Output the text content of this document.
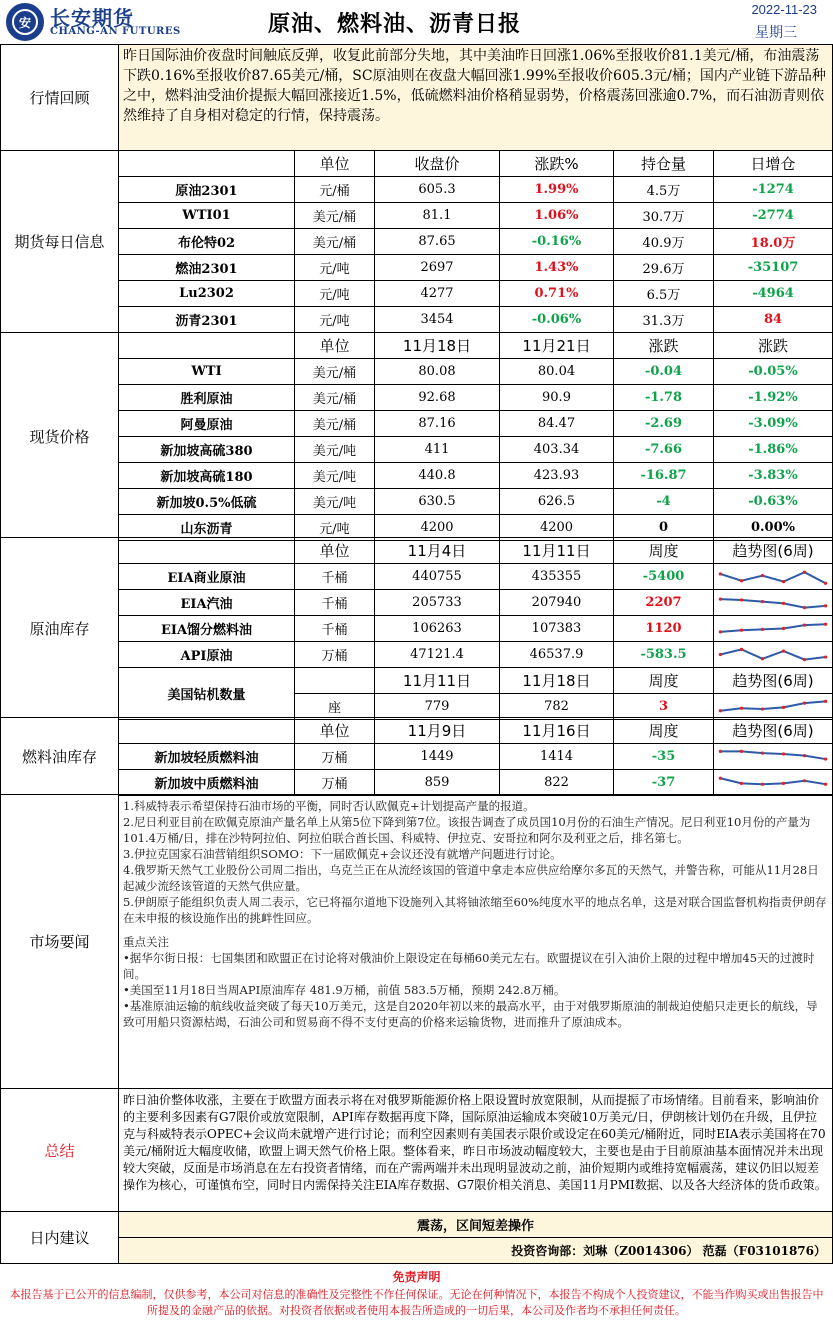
安 长安期货
CHANG-AN FUTURES	原油、燃料油、沥青日报
2022-11-23
星期三
行情回顾	昨日国际油价夜盘时间触底反弹，收复此前部分失地，其中美油昨日回涨1.06%至报收价81.1美元/桶，布油震荡下跌0.16%至报收价87.65美元/桶，SC原油则在夜盘大幅回涨1.99%至报收价605.3元/桶；国内产业链下游品种之中，燃料油受油价提振大幅回涨接近1.5%，低硫燃料油价格稍显弱势，价格震荡回涨逾0.7%，而石油沥青则依然维持了自身相对稳定的行情，保持震荡。
期货每日信息		单位	收盘价	涨跌%	持仓量	日增仓
	原油2301	元/桶	605.3	1.99%	4.5万	-1274
	WTI01	美元/桶	81.1	1.06%	30.7万	-2774
	布伦特02	美元/桶	87.65	-0.16%	40.9万	18.0万
	燃油2301	元/吨	2697	1.43%	29.6万	-35107
	Lu2302	元/吨	4277	0.71%	6.5万	-4964
	沥青2301	元/吨	3454	-0.06%	31.3万	84
现货价格		单位	11月18日	11月21日	涨跌	涨跌
	WTI	美元/桶	80.08	80.04	-0.04	-0.05%
	胜利原油	美元/桶	92.68	90.9	-1.78	-1.92%
	阿曼原油	美元/桶	87.16	84.47	-2.69	-3.09%
	新加坡高硫380	美元/吨	411	403.34	-7.66	-1.86%
	新加坡高硫180	美元/吨	440.8	423.93	-16.87	-3.83%
	新加坡0.5%低硫	美元/吨	630.5	626.5	-4	-0.63%
	山东沥青	元/吨	4200	4200	0	0.00%
原油库存		单位	11月4日	11月11日	周度	趋势图(6周)
	EIA商业原油	千桶	440755	435355	-5400	

	EIA汽油	千桶	205733	207940	2207	

	EIA馏分燃料油	千桶	106263	107383	1120	

	API原油	万桶	47121.4	46537.9	-583.5	

	美国钻机数量		11月11日	11月18日	周度	趋势图(6周)
		座	779	782	3	
燃料油库存		单位	11月9日	11月16日	周度	趋势图(6周)
	新加坡轻质燃料油	万桶	1449	1414	-35	

	新加坡中质燃料油	万桶	859	822	-37	
市场要闻	

1.科威特表示希望保持石油市场的平衡，同时否认欧佩克+计划提高产量的报道。

2.尼日利亚目前在欧佩克原油产量名单上从第5位下降到第7位。该报告调查了成员国10月份的石油生产情况。尼日利亚10月份的产量为101.4万桶/日，排在沙特阿拉伯、阿拉伯联合酋长国、科威特、伊拉克、安哥拉和阿尔及利亚之后，排名第七。

3.伊拉克国家石油营销组织SOMO：下一届欧佩克+会议还没有就增产问题进行讨论。

4.俄罗斯天然气工业股份公司周二指出，乌克兰正在从流经该国的管道中拿走本应供应给摩尔多瓦的天然气，并警告称，可能从11月28日起减少流经该管道的天然气供应量。

5.伊朗原子能组织负责人周二表示，它已将福尔道地下设施列入其将铀浓缩至60%纯度水平的地点名单，这是对联合国监督机构指责伊朗存在未申报的核设施作出的挑衅性回应。

重点关注

•据华尔街日报：七国集团和欧盟正在讨论将对俄油价上限设定在每桶60美元左右。欧盟提议在引入油价上限的过程中增加45天的过渡时间。

•美国至11月18日当周API原油库存 481.9万桶，前值 583.5万桶，预期 242.8万桶。

•基准原油运输的航线收益突破了每天10万美元，这是自2020年初以来的最高水平，由于对俄罗斯原油的制裁迫使船只走更长的航线，导致可用船只资源枯竭，石油公司和贸易商不得不支付更高的价格来运输货物，进而推升了原油成本。

总结	昨日油价整体收涨，主要在于欧盟方面表示将在对俄罗斯能源价格上限设置时放宽限制，从而提振了市场情绪。目前看来，影响油价的主要利多因素有G7限价或放宽限制，API库存数据再度下降，国际原油运输成本突破10万美元/日，伊朗核计划仍在升级，且伊拉克与科威特表示OPEC+会议尚未就增产进行讨论；而利空因素则有美国表示限价或设定在60美元/桶附近，同时EIA表示美国将在70美元/桶附近大幅度收储，欧盟上调天然气价格上限。整体看来，昨日市场波动幅度较大，主要也是由于目前原油基本面情况并未出现较大突破，反面是市场消息在左右投资者情绪，而在产需两端并未出现明显波动之前，油价短期内或维持宽幅震荡，建议仍旧以短差操作为核心，可谨慎布空，同时日内需保持关注EIA库存数据、G7限价相关消息、美国11月PMI数据、以及各大经济体的货币政策。
日内建议	震荡，区间短差操作
投资咨询部：刘琳（Z0014306） 范磊（F03101876）
免责声明
本报告基于已公开的信息编制，仅供参考，本公司对信息的准确性及完整性不作任何保证。无论在何种情况下，本报告不构成个人投资建议，不能当作购买或出售报告中所提及的金融产品的依据。对投资者依据或者使用本报告所造成的一切后果，本公司及作者均不承担任何责任。
